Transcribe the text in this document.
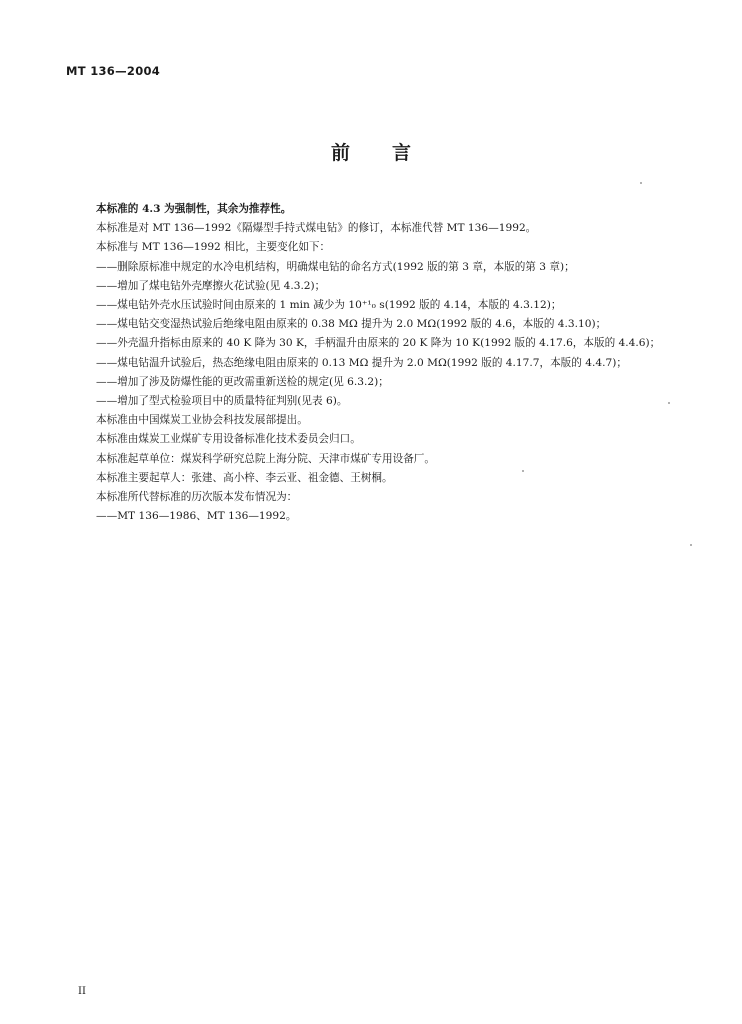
MT 136—2004
前言

本标准的 4.3 为强制性，其余为推荐性。

本标准是对 MT 136—1992《隔爆型手持式煤电钻》的修订，本标准代替 MT 136—1992。

本标准与 MT 136—1992 相比，主要变化如下：

——删除原标准中规定的水冷电机结构，明确煤电钻的命名方式(1992 版的第 3 章，本版的第 3 章)；

——增加了煤电钻外壳摩擦火花试验(见 4.3.2)；

——煤电钻外壳水压试验时间由原来的 1 min 减少为 10⁺¹₀ s(1992 版的 4.14，本版的 4.3.12)；

——煤电钻交变湿热试验后绝缘电阻由原来的 0.38 MΩ 提升为 2.0 MΩ(1992 版的 4.6，本版的 4.3.10)；

——外壳温升指标由原来的 40 K 降为 30 K，手柄温升由原来的 20 K 降为 10 K(1992 版的 4.17.6，本版的 4.4.6)；

——煤电钻温升试验后，热态绝缘电阻由原来的 0.13 MΩ 提升为 2.0 MΩ(1992 版的 4.17.7，本版的 4.4.7)；

——增加了涉及防爆性能的更改需重新送检的规定(见 6.3.2)；

——增加了型式检验项目中的质量特征判别(见表 6)。

本标准由中国煤炭工业协会科技发展部提出。

本标准由煤炭工业煤矿专用设备标准化技术委员会归口。

本标准起草单位：煤炭科学研究总院上海分院、天津市煤矿专用设备厂。

本标准主要起草人：张建、高小梓、李云亚、祖金德、王树桐。

本标准所代替标准的历次版本发布情况为：

——MT 136—1986、MT 136—1992。

II
